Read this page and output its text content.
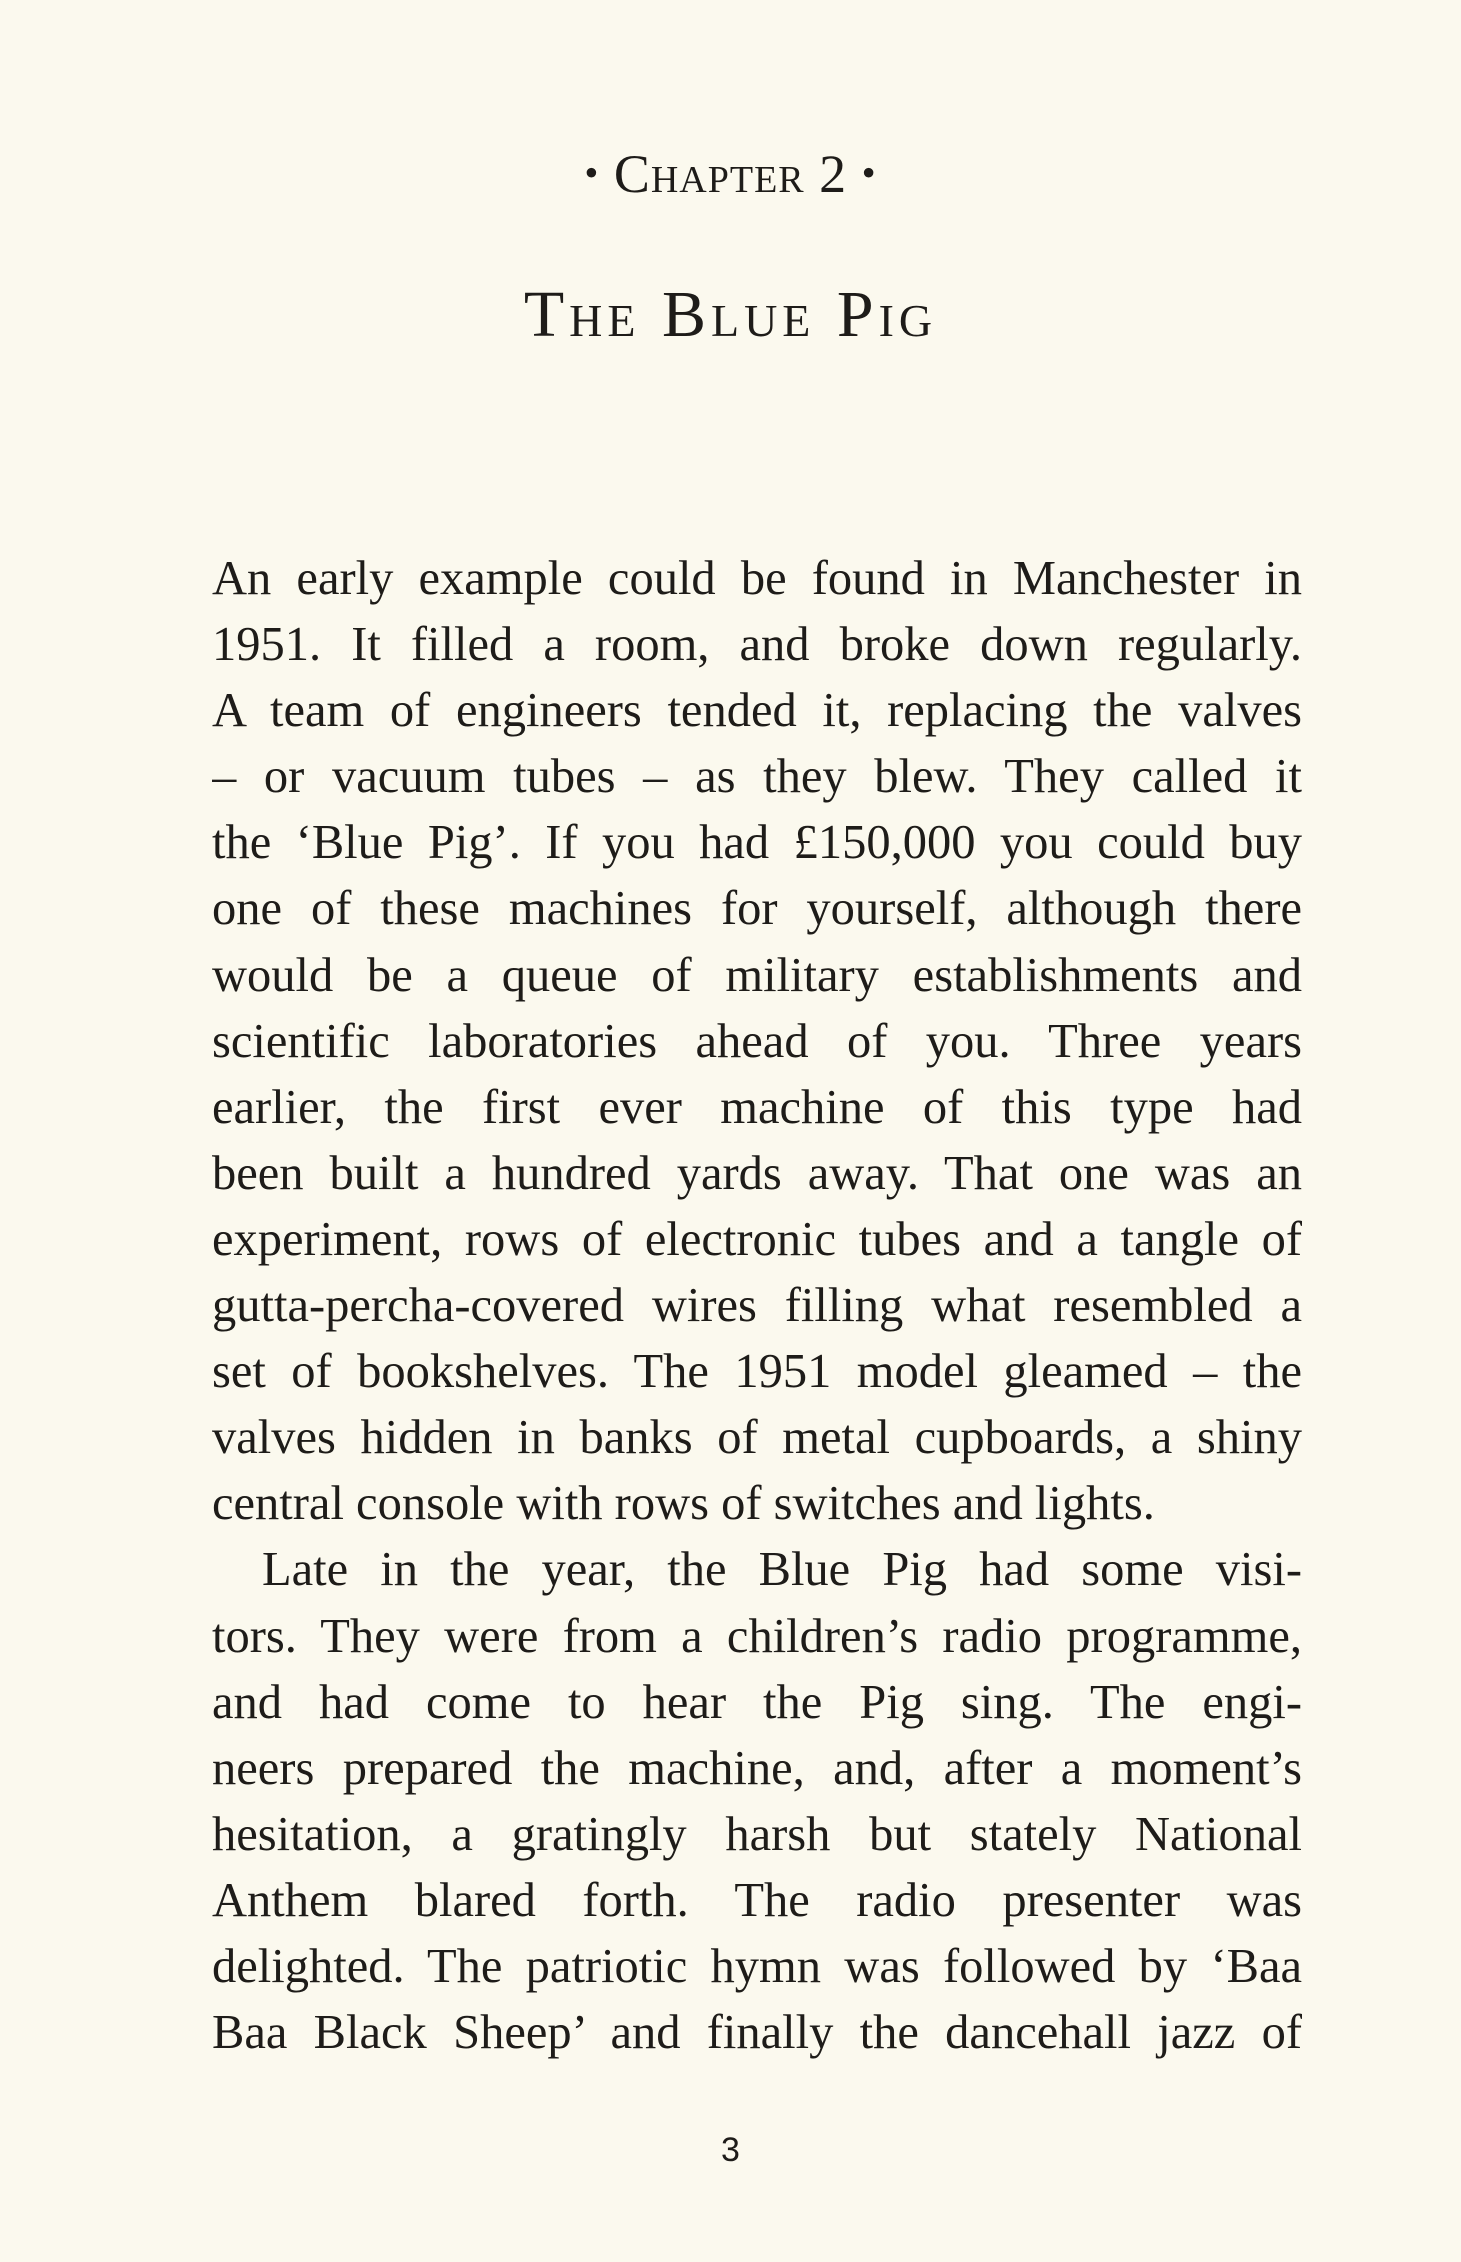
• Chapter 2 •
The Blue Pig
An early example could be found in Manchester in
1951. It filled a room, and broke down regularly.
A team of engineers tended it, replacing the valves
– or vacuum tubes – as they blew. They called it
the ‘Blue Pig’. If you had £150,000 you could buy
one of these machines for yourself, although there
would be a queue of military establishments and
scientific laboratories ahead of you. Three years
earlier, the first ever machine of this type had
been built a hundred yards away. That one was an
experiment, rows of electronic tubes and a tangle of
gutta-percha-covered wires filling what resembled a
set of bookshelves. The 1951 model gleamed – the
valves hidden in banks of metal cupboards, a shiny
central console with rows of switches and lights.
Late in the year, the Blue Pig had some visi-
tors. They were from a children’s radio programme,
and had come to hear the Pig sing. The engi-
neers prepared the machine, and, after a moment’s
hesitation, a gratingly harsh but stately National
Anthem blared forth. The radio presenter was
delighted. The patriotic hymn was followed by ‘Baa
Baa Black Sheep’ and finally the dancehall jazz of
3
